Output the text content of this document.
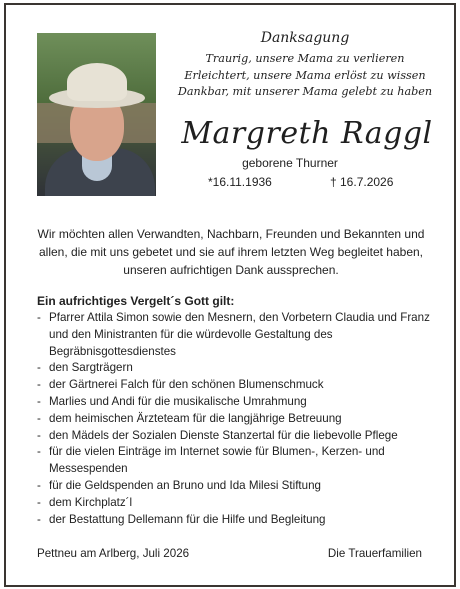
Danksagung
Traurig, unsere Mama zu verlieren
Erleichtert, unsere Mama erlöst zu wissen
Dankbar, mit unserer Mama gelebt zu haben
Margreth Raggl
geborene Thurner
*16.11.1936	† 16.7.2026
Wir möchten allen Verwandten, Nachbarn, Freunden und Bekannten und
allen, die mit uns gebetet und sie auf ihrem letzten Weg begleitet haben,
unseren aufrichtigen Dank aussprechen.
Ein aufrichtiges Vergelt´s Gott gilt:
- Pfarrer Attila Simon sowie den Mesnern, den Vorbetern Claudia und Franz und den Ministranten für die würdevolle Gestaltung des Begräbnisgottesdienstes
- den Sargträgern
- der Gärtnerei Falch für den schönen Blumenschmuck
- Marlies und Andi für die musikalische Umrahmung
- dem heimischen Ärzteteam für die langjährige Betreuung
- den Mädels der Sozialen Dienste Stanzertal für die liebevolle Pflege
- für die vielen Einträge im Internet sowie für Blumen-, Kerzen- und Messespenden
- für die Geldspenden an Bruno und Ida Milesi Stiftung
- dem Kirchplatz´l
- der Bestattung Dellemann für die Hilfe und Begleitung
Pettneu am Arlberg, Juli 2026	Die Trauerfamilien
